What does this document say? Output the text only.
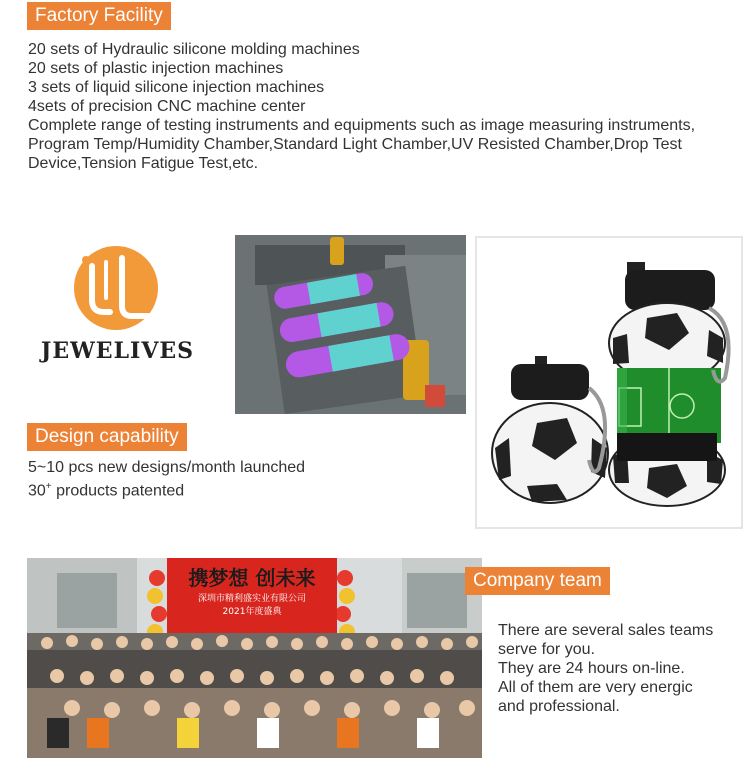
Factory Facility
20 sets of Hydraulic silicone molding machines
20 sets of plastic injection machines
3 sets of liquid silicone injection machines
4sets of precision CNC machine center
Complete range of testing instruments and equipments such as image measuring instruments,
Program Temp/Humidity Chamber,Standard Light Chamber,UV Resisted Chamber,Drop Test
Device,Tension Fatigue Test,etc.
JEWELIVES
Design capability
5~10 pcs new designs/month launched
30+ products patented
携梦想 创未来
深圳市精利盛实业有限公司
2021年度盛典
Company team
There are several sales teams
serve for you.
They are 24 hours on-line.
All of them are very energic
and professional.
